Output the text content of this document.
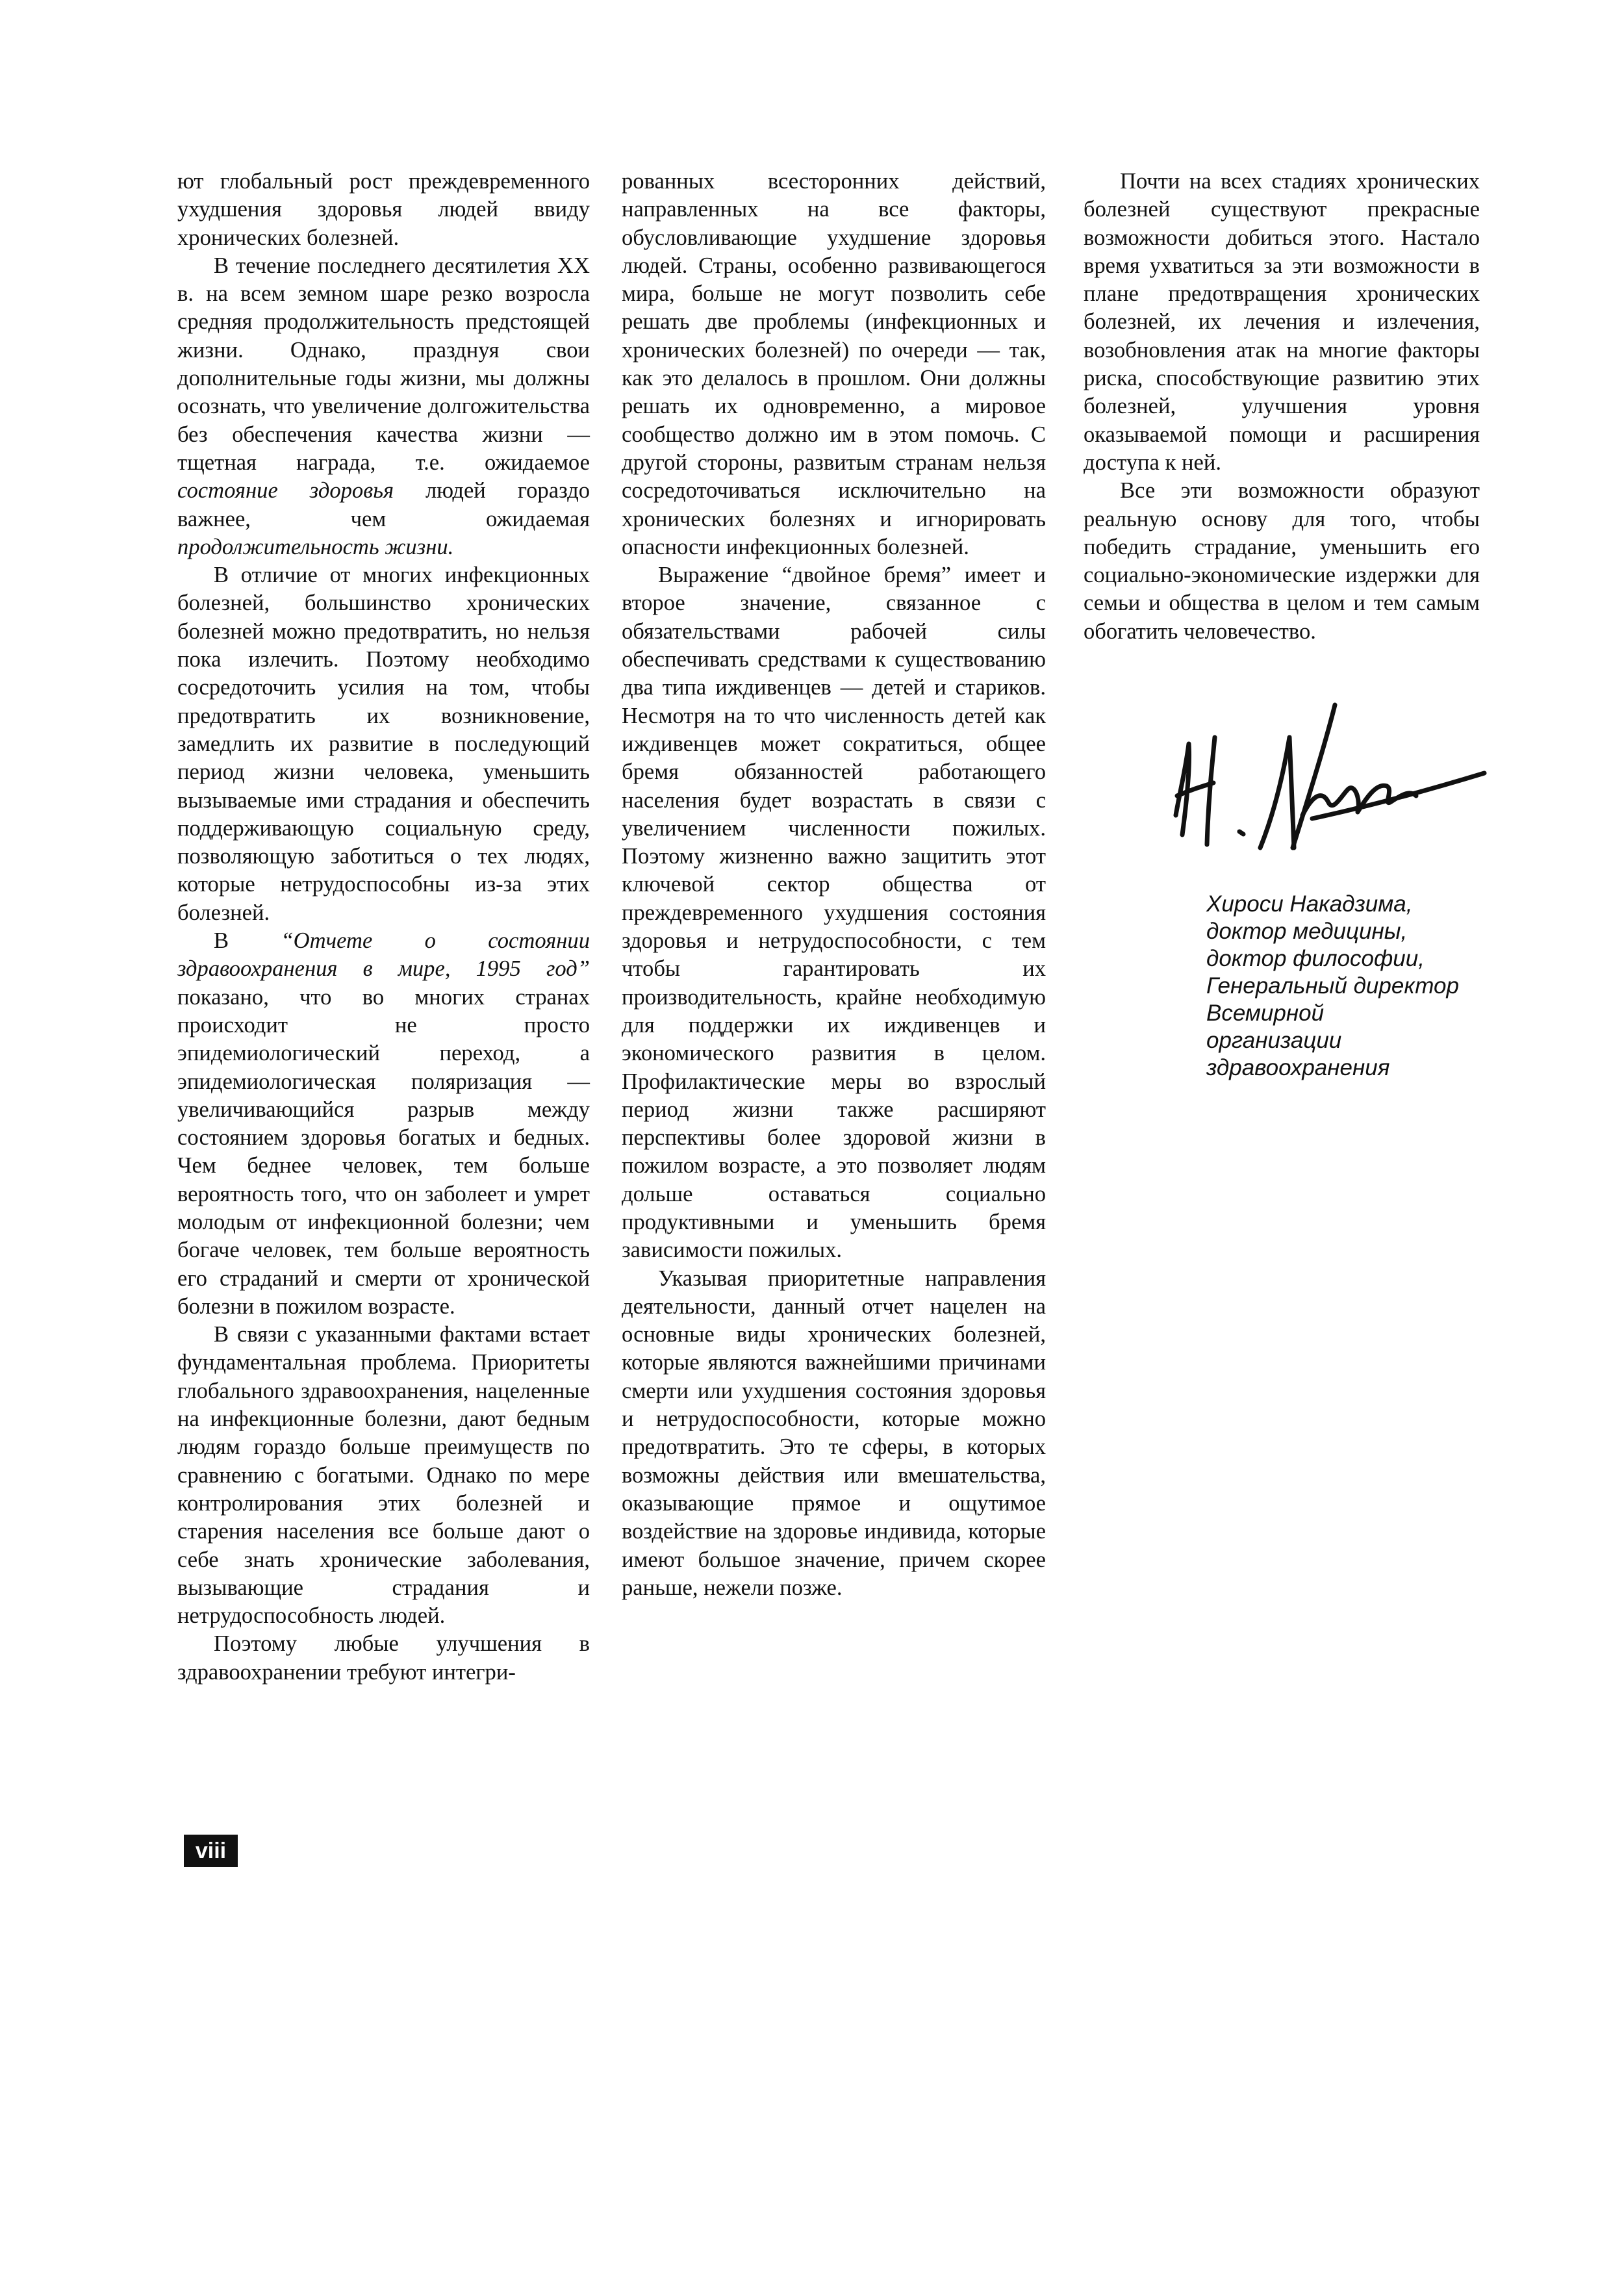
ют глобальный рост преждевременного ухудшения здоровья людей ввиду хронических болезней.

В течение последнего десятилетия XX в. на всем земном шаре резко возросла средняя продолжительность предстоящей жизни. Однако, празднуя свои дополнительные годы жизни, мы должны осознать, что увеличение долгожительства без обеспечения качества жизни — тщетная награда, т.е. ожидаемое состояние здоровья людей гораздо важнее, чем ожидаемая продолжительность жизни.

В отличие от многих инфекционных болезней, большинство хронических болезней можно предотвратить, но нельзя пока излечить. Поэтому необходимо сосредоточить усилия на том, чтобы предотвратить их возникновение, замедлить их развитие в последующий период жизни человека, уменьшить вызываемые ими страдания и обеспечить поддерживающую социальную среду, позволяющую заботиться о тех людях, которые нетрудоспособны из-за этих болезней.

В “Отчете о состоянии здравоохранения в мире, 1995 год” показано, что во многих странах происходит не просто эпидемиологический переход, а эпидемиологическая поляризация — увеличивающийся разрыв между состоянием здоровья богатых и бедных. Чем беднее человек, тем больше вероятность того, что он заболеет и умрет молодым от инфекционной болезни; чем богаче человек, тем больше вероятность его страданий и смерти от хронической болезни в пожилом возрасте.

В связи с указанными фактами встает фундаментальная проблема. Приоритеты глобального здравоохранения, нацеленные на инфекционные болезни, дают бедным людям гораздо больше преимуществ по сравнению с богатыми. Однако по мере контролирования этих болезней и старения населения все больше дают о себе знать хронические заболевания, вызывающие страдания и нетрудоспособность людей.

Поэтому любые улучшения в здравоохранении требуют интегри-

рованных всесторонних действий, направленных на все факторы, обусловливающие ухудшение здоровья людей. Страны, особенно развивающегося мира, больше не могут позволить себе решать две проблемы (инфекционных и хронических болезней) по очереди — так, как это делалось в прошлом. Они должны решать их одновременно, а мировое сообщество должно им в этом помочь. С другой стороны, развитым странам нельзя сосредоточиваться исключительно на хронических болезнях и игнорировать опасности инфекционных болезней.

Выражение “двойное бремя” имеет и второе значение, связанное с обязательствами рабочей силы обеспечивать средствами к существованию два типа иждивенцев — детей и стариков. Несмотря на то что численность детей как иждивенцев может сократиться, общее бремя обязанностей работающего населения будет возрастать в связи с увеличением численности пожилых. Поэтому жизненно важно защитить этот ключевой сектор общества от преждевременного ухудшения состояния здоровья и нетрудоспособности, с тем чтобы гарантировать их производительность, крайне необходимую для поддержки их иждивенцев и экономического развития в целом. Профилактические меры во взрослый период жизни также расширяют перспективы более здоровой жизни в пожилом возрасте, а это позволяет людям дольше оставаться социально продуктивными и уменьшить бремя зависимости пожилых.

Указывая приоритетные направления деятельности, данный отчет нацелен на основные виды хронических болезней, которые являются важнейшими причинами смерти или ухудшения состояния здоровья и нетрудоспособности, которые можно предотвратить. Это те сферы, в которых возможны действия или вмешательства, оказывающие прямое и ощутимое воздействие на здоровье индивида, которые имеют большое значение, причем скорее раньше, нежели позже.

Почти на всех стадиях хронических болезней существуют прекрасные возможности добиться этого. Настало время ухватиться за эти возможности в плане предотвращения хронических болезней, их лечения и излечения, возобновления атак на многие факторы риска, способствующие развитию этих болезней, улучшения уровня оказываемой помощи и расширения доступа к ней.

Все эти возможности образуют реальную основу для того, чтобы победить страдание, уменьшить его социально-экономические издержки для семьи и общества в целом и тем самым обогатить человечество.

Хироси Накадзима,
доктор медицины,
доктор философии,
Генеральный директор
Всемирной
организации
здравоохранения
viii
